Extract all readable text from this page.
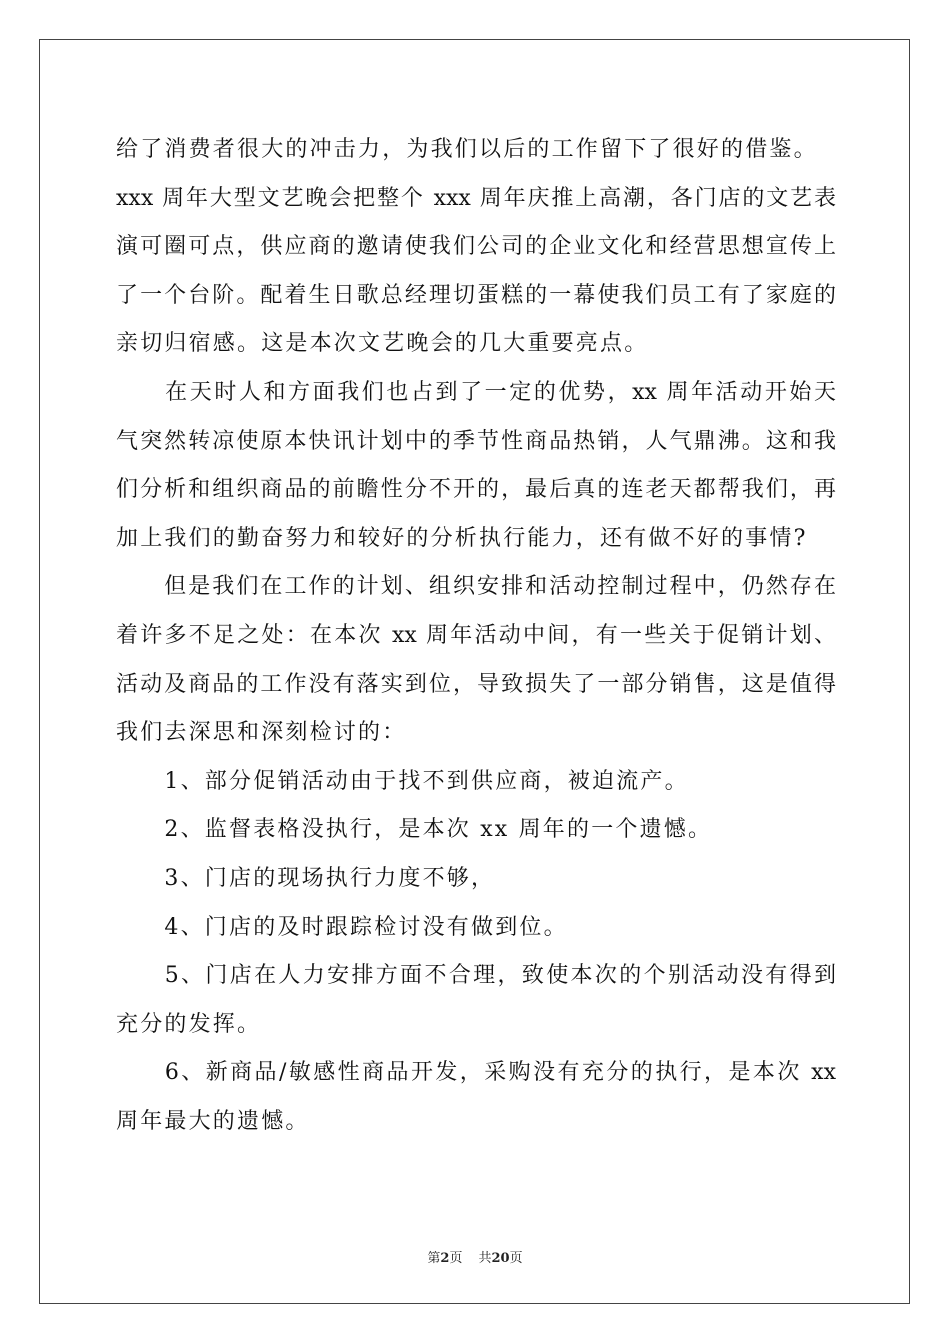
给了消费者很大的冲击力，为我们以后的工作留下了很好的借鉴。
xxx 周年大型文艺晚会把整个 xxx 周年庆推上高潮，各门店的文艺表
演可圈可点，供应商的邀请使我们公司的企业文化和经营思想宣传上
了一个台阶。配着生日歌总经理切蛋糕的一幕使我们员工有了家庭的
亲切归宿感。这是本次文艺晚会的几大重要亮点。
　　在天时人和方面我们也占到了一定的优势，xx 周年活动开始天
气突然转凉使原本快讯计划中的季节性商品热销，人气鼎沸。这和我
们分析和组织商品的前瞻性分不开的，最后真的连老天都帮我们，再
加上我们的勤奋努力和较好的分析执行能力，还有做不好的事情?
　　但是我们在工作的计划、组织安排和活动控制过程中，仍然存在
着许多不足之处：在本次 xx 周年活动中间，有一些关于促销计划、
活动及商品的工作没有落实到位，导致损失了一部分销售，这是值得
我们去深思和深刻检讨的：
　　1、部分促销活动由于找不到供应商，被迫流产。
　　2、监督表格没执行，是本次 xx 周年的一个遗憾。
　　3、门店的现场执行力度不够，
　　4、门店的及时跟踪检讨没有做到位。
　　5、门店在人力安排方面不合理，致使本次的个别活动没有得到
充分的发挥。
　　6、新商品/敏感性商品开发，采购没有充分的执行，是本次 xx
周年最大的遗憾。
第2页 共20页
